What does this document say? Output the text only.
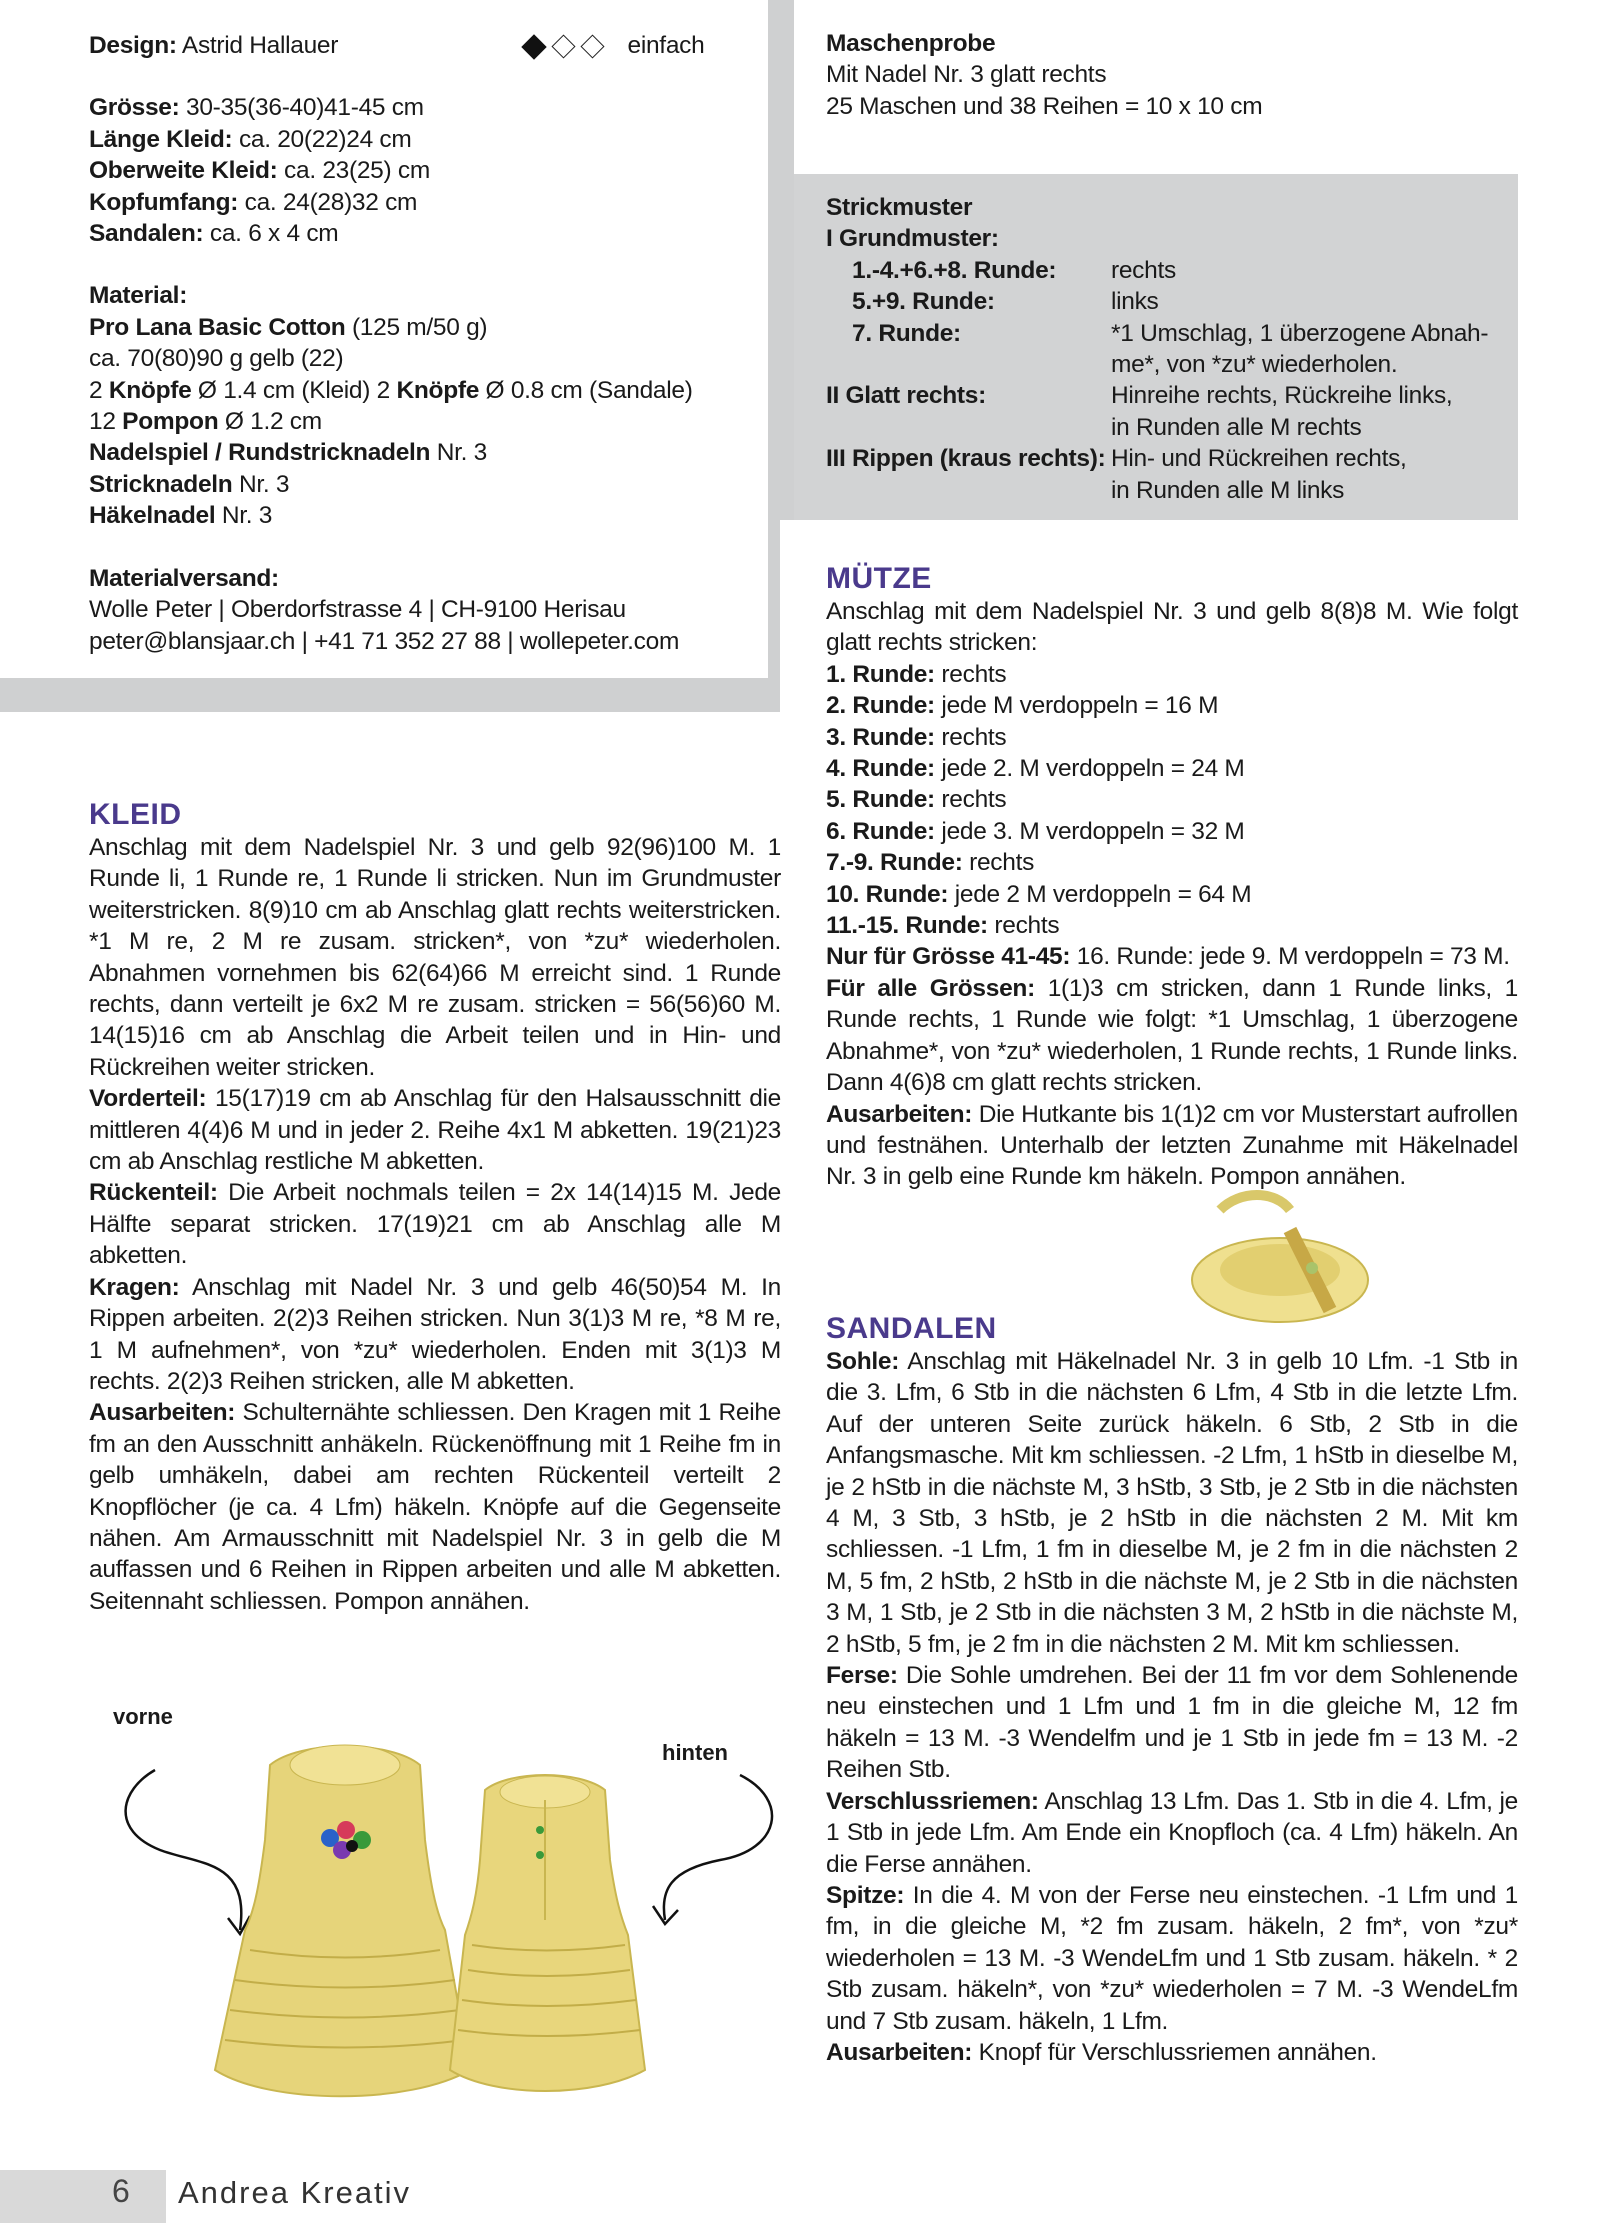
Design: Astrid Hallauer	einfach
Grösse: 30-35(36-40)41-45 cm
Länge Kleid: ca. 20(22)24 cm
Oberweite Kleid: ca. 23(25) cm
Kopfumfang: ca. 24(28)32 cm
Sandalen: ca. 6 x 4 cm
Material:
Pro Lana Basic Cotton (125 m/50 g)
ca. 70(80)90 g gelb (22)
2 Knöpfe Ø 1.4 cm (Kleid) 2 Knöpfe Ø 0.8 cm (Sandale)
12 Pompon Ø 1.2 cm
Nadelspiel / Rundstricknadeln Nr. 3
Stricknadeln Nr. 3
Häkelnadel Nr. 3
Materialversand:
Wolle Peter | Oberdorfstrasse 4 | CH-9100 Herisau
peter@blansjaar.ch | +41 71 352 27 88 | wollepeter.com
Maschenprobe
Mit Nadel Nr. 3 glatt rechts
25 Maschen und 38 Reihen = 10 x 10 cm
Strickmuster
I Grundmuster:
1.-4.+6.+8. Runde:	rechts
5.+9. Runde:	links
7. Runde:	*1 Umschlag, 1 überzogene Abnah-
me*, von *zu* wiederholen.
II Glatt rechts:	Hinreihe rechts, Rückreihe links,
in Runden alle M rechts
III Rippen (kraus rechts): Hin- und Rückreihen rechts,
in Runden alle M links
KLEID
Anschlag mit dem Nadelspiel Nr. 3 und gelb 92(96)100 M. 1 Runde li, 1 Runde re, 1 Runde li stricken. Nun im Grundmuster weiterstricken. 8(9)10 cm ab Anschlag glatt rechts weiterstricken. *1 M re, 2 M re zusam. stricken*, von *zu* wiederholen. Abnahmen vornehmen bis 62(64)66 M erreicht sind. 1 Runde rechts, dann verteilt je 6x2 M re zusam. stricken = 56(56)60 M. 14(15)16 cm ab Anschlag die Arbeit teilen und in Hin- und Rückreihen weiter stricken.
Vorderteil: 15(17)19 cm ab Anschlag für den Halsausschnitt die mittleren 4(4)6 M und in jeder 2. Reihe 4x1 M abketten. 19(21)23 cm ab Anschlag restliche M abketten.
Rückenteil: Die Arbeit nochmals teilen = 2x 14(14)15 M. Jede Hälfte separat stricken. 17(19)21 cm ab Anschlag alle M abketten.
Kragen: Anschlag mit Nadel Nr. 3 und gelb 46(50)54 M. In Rippen arbeiten. 2(2)3 Reihen stricken. Nun 3(1)3 M re, *8 M re, 1 M aufnehmen*, von *zu* wiederholen. Enden mit 3(1)3 M rechts. 2(2)3 Reihen stricken, alle M abketten.
Ausarbeiten: Schulternähte schliessen. Den Kragen mit 1 Reihe fm an den Ausschnitt anhäkeln. Rückenöffnung mit 1 Reihe fm in gelb umhäkeln, dabei am rechten Rückenteil verteilt 2 Knopflöcher (je ca. 4 Lfm) häkeln. Knöpfe auf die Gegenseite nähen. Am Armausschnitt mit Nadelspiel Nr. 3 in gelb die M auffassen und 6 Reihen in Rippen arbeiten und alle M abketten. Seitennaht schliessen. Pompon annähen.
vorne
hinten
MÜTZE
Anschlag mit dem Nadelspiel Nr. 3 und gelb 8(8)8 M. Wie folgt glatt rechts stricken:
1. Runde: rechts
2. Runde: jede M verdoppeln = 16 M
3. Runde: rechts
4. Runde: jede 2. M verdoppeln = 24 M
5. Runde: rechts
6. Runde: jede 3. M verdoppeln = 32 M
7.-9. Runde: rechts
10. Runde: jede 2 M verdoppeln = 64 M
11.-15. Runde: rechts
Nur für Grösse 41-45: 16. Runde: jede 9. M verdoppeln = 73 M.
Für alle Grössen: 1(1)3 cm stricken, dann 1 Runde links, 1 Runde rechts, 1 Runde wie folgt: *1 Umschlag, 1 überzogene Abnahme*, von *zu* wiederholen, 1 Runde rechts, 1 Runde links. Dann 4(6)8 cm glatt rechts stricken.
Ausarbeiten: Die Hutkante bis 1(1)2 cm vor Musterstart aufrollen und festnähen. Unterhalb der letzten Zunahme mit Häkelnadel Nr. 3 in gelb eine Runde km häkeln. Pompon annähen.
SANDALEN
Sohle: Anschlag mit Häkelnadel Nr. 3 in gelb 10 Lfm. -1 Stb in die 3. Lfm, 6 Stb in die nächsten 6 Lfm, 4 Stb in die letzte Lfm. Auf der unteren Seite zurück häkeln. 6 Stb, 2 Stb in die Anfangsmasche. Mit km schliessen. -2 Lfm, 1 hStb in dieselbe M, je 2 hStb in die nächste M, 3 hStb, 3 Stb, je 2 Stb in die nächsten 4 M, 3 Stb, 3 hStb, je 2 hStb in die nächsten 2 M. Mit km schliessen. -1 Lfm, 1 fm in dieselbe M, je 2 fm in die nächsten 2 M, 5 fm, 2 hStb, 2 hStb in die nächste M, je 2 Stb in die nächsten 3 M, 1 Stb, je 2 Stb in die nächsten 3 M, 2 hStb in die nächste M, 2 hStb, 5 fm, je 2 fm in die nächsten 2 M. Mit km schliessen.
Ferse: Die Sohle umdrehen. Bei der 11 fm vor dem Sohlenende neu einstechen und 1 Lfm und 1 fm in die gleiche M, 12 fm häkeln = 13 M. -3 Wendelfm und je 1 Stb in jede fm = 13 M. -2 Reihen Stb.
Verschlussriemen: Anschlag 13 Lfm. Das 1. Stb in die 4. Lfm, je 1 Stb in jede Lfm. Am Ende ein Knopfloch (ca. 4 Lfm) häkeln. An die Ferse annähen.
Spitze: In die 4. M von der Ferse neu einstechen. -1 Lfm und 1 fm, in die gleiche M, *2 fm zusam. häkeln, 2 fm*, von *zu* wiederholen = 13 M. -3 WendeLfm und 1 Stb zusam. häkeln. * 2 Stb zusam. häkeln*, von *zu* wiederholen = 7 M. -3 WendeLfm und 7 Stb zusam. häkeln, 1 Lfm.
Ausarbeiten: Knopf für Verschlussriemen annähen.
6 Andrea Kreativ
